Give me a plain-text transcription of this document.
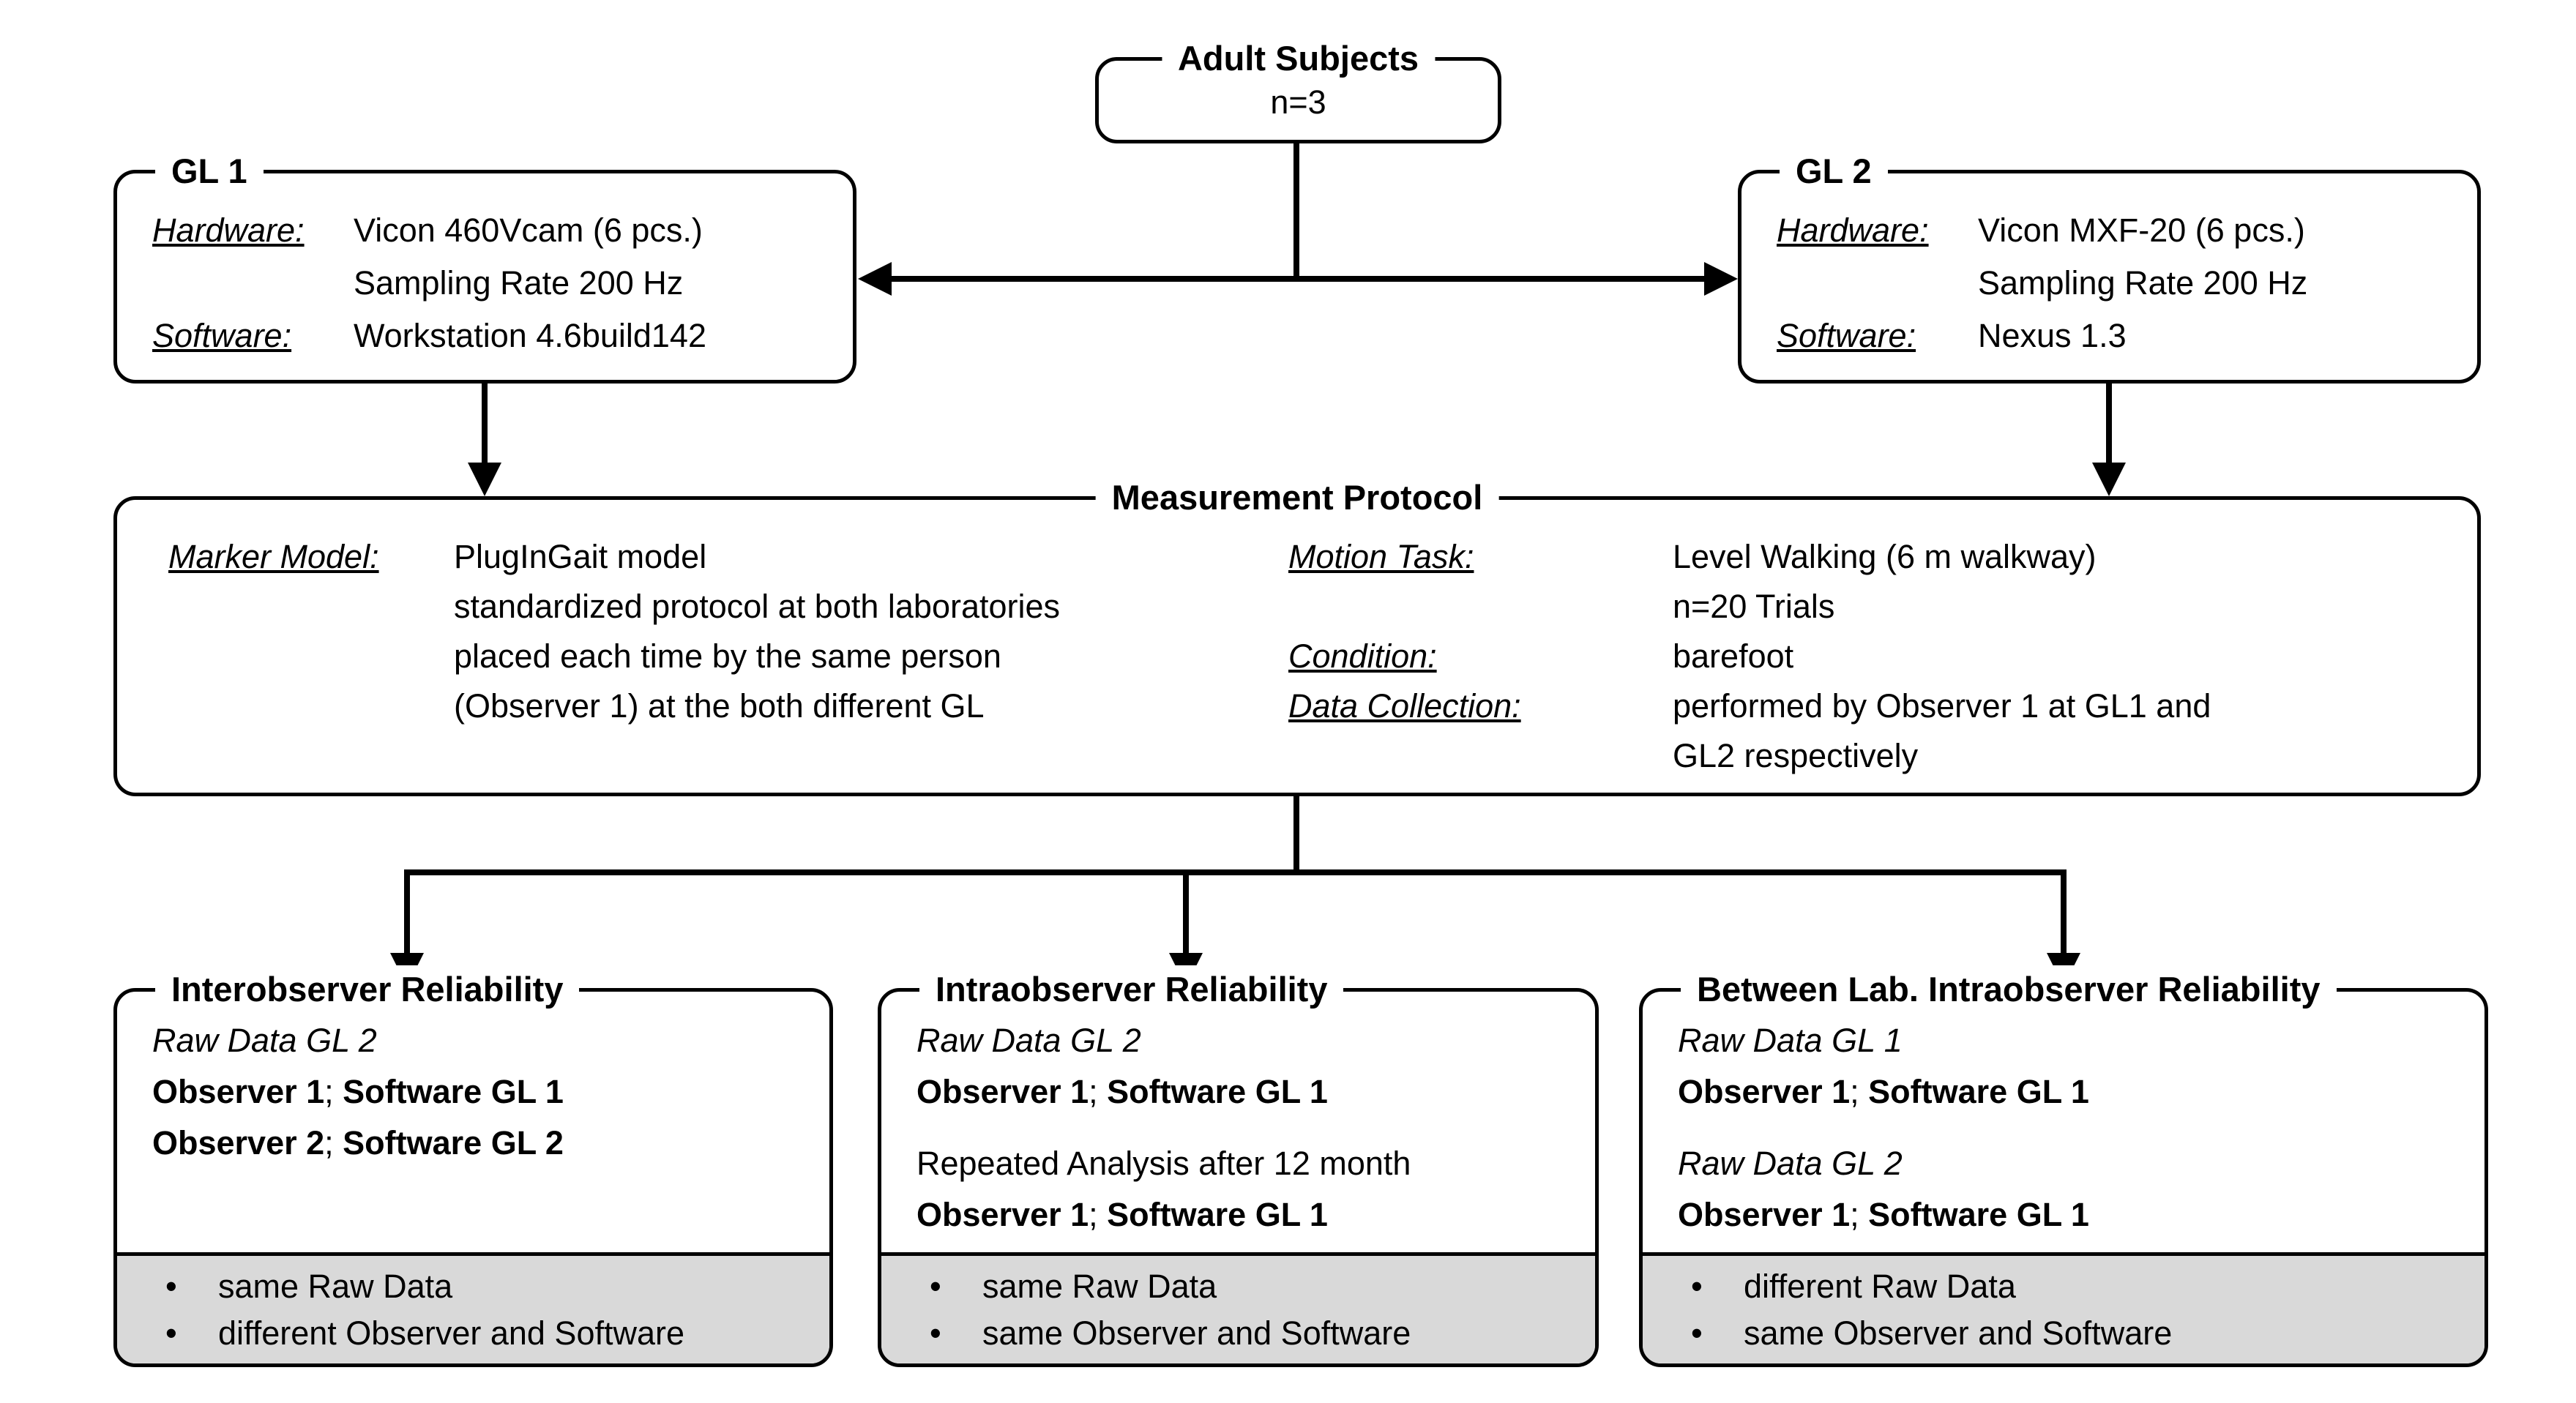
Adult Subjects
n=3
GL 1
Hardware:	Vicon 460Vcam (6 pcs.)
Sampling Rate 200 Hz
Software:	Workstation 4.6build142
GL 2
Hardware:	Vicon MXF-20 (6 pcs.)
Sampling Rate 200 Hz
Software:	Nexus 1.3
Measurement Protocol
Marker Model:	PlugInGait model
standardized protocol at both laboratories
placed each time by the same person
(Observer 1) at the both different GL
Motion Task:	Level Walking (6 m walkway)
n=20 Trials
Condition:	barefoot
Data Collection:	performed by Observer 1 at GL1 and
GL2 respectively
Interobserver Reliability
Raw Data GL 2
Observer 1; Software GL 1
Observer 2; Software GL 2
•	same Raw Data
•	different Observer and Software
Intraobserver Reliability
Raw Data GL 2
Observer 1; Software GL 1
Repeated Analysis after 12 month
Observer 1; Software GL 1
•	same Raw Data
•	same Observer and Software
Between Lab. Intraobserver Reliability
Raw Data GL 1
Observer 1; Software GL 1
Raw Data GL 2
Observer 1; Software GL 1
•	different Raw Data
•	same Observer and Software
